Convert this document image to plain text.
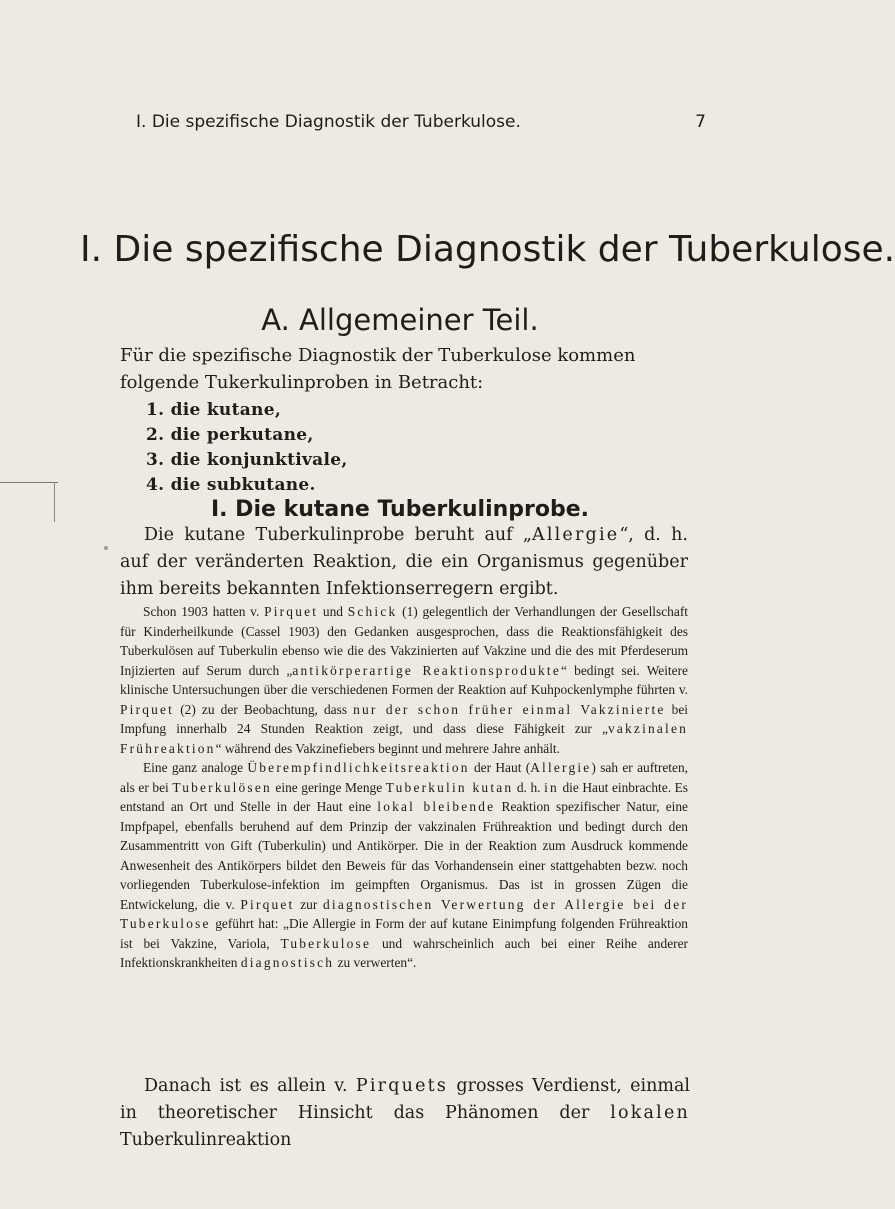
I. Die spezifische Diagnostik der Tuberkulose.	7
I. Die spezifische Diagnostik der Tuberkulose.
A. Allgemeiner Teil.
Für die spezifische Diagnostik der Tuberkulose kommen folgende Tukerkulinproben in Betracht:
1. die kutane,
2. die perkutane,
3. die konjunktivale,
4. die subkutane.
I. Die kutane Tuberkulinprobe.
Die kutane Tuberkulinprobe beruht auf „Allergie“, d. h. auf der veränderten Reaktion, die ein Organismus gegenüber ihm bereits bekannten Infektionserregern ergibt.

Schon 1903 hatten v. Pirquet und Schick (1) gelegentlich der Verhandlungen der Gesellschaft für Kinderheilkunde (Cassel 1903) den Gedanken ausgesprochen, dass die Reaktionsfähigkeit des Tuberkulösen auf Tuberkulin ebenso wie die des Vakzinierten auf Vakzine und die des mit Pferdeserum Injizierten auf Serum durch „antikörperartige Reaktionsprodukte“ bedingt sei. Weitere klinische Untersuchungen über die verschiedenen Formen der Reaktion auf Kuhpockenlymphe führten v. Pirquet (2) zu der Beobachtung, dass nur der schon früher einmal Vakzinierte bei Impfung innerhalb 24 Stunden Reaktion zeigt, und dass diese Fähigkeit zur „vakzinalen Frühreaktion“ während des Vakzinefiebers beginnt und mehrere Jahre anhält.

Eine ganz analoge Überempfindlichkeitsreaktion der Haut (Allergie) sah er auftreten, als er bei Tuberkulösen eine geringe Menge Tuberkulin kutan d. h. in die Haut einbrachte. Es entstand an Ort und Stelle in der Haut eine lokal bleibende Reaktion spezifischer Natur, eine Impfpapel, ebenfalls beruhend auf dem Prinzip der vakzinalen Frühreaktion und bedingt durch den Zusammentritt von Gift (Tuberkulin) und Antikörper. Die in der Reaktion zum Ausdruck kommende Anwesenheit des Antikörpers bildet den Beweis für das Vorhandensein einer stattgehabten bezw. noch vorliegenden Tuberkulose-infektion im geimpften Organismus. Das ist in grossen Zügen die Entwickelung, die v. Pirquet zur diagnostischen Verwertung der Allergie bei der Tuberkulose geführt hat: „Die Allergie in Form der auf kutane Einimpfung folgenden Frühreaktion ist bei Vakzine, Variola, Tuberkulose und wahrscheinlich auch bei einer Reihe anderer Infektionskrankheiten diagnostisch zu verwerten“.

Danach ist es allein v. Pirquets grosses Verdienst, einmal in theoretischer Hinsicht das Phänomen der lokalen Tuberkulinreaktion
